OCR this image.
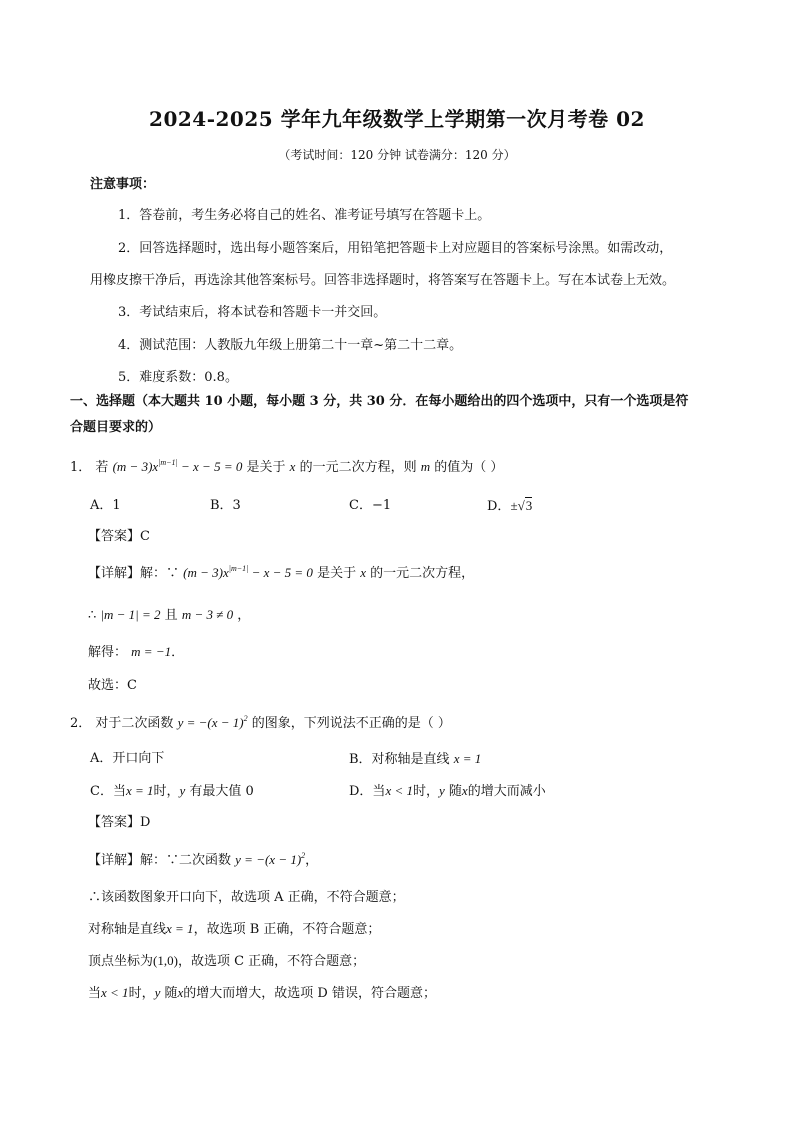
2024-2025 学年九年级数学上学期第一次月考卷 02
（考试时间：120 分钟 试卷满分：120 分）
注意事项：
1．答卷前，考生务必将自己的姓名、准考证号填写在答题卡上。
2．回答选择题时，选出每小题答案后，用铅笔把答题卡上对应题目的答案标号涂黑。如需改动，
用橡皮擦干净后，再选涂其他答案标号。回答非选择题时，将答案写在答题卡上。写在本试卷上无效。
3．考试结束后，将本试卷和答题卡一并交回。
4．测试范围：人教版九年级上册第二十一章~第二十二章。
5．难度系数：0.8。
一、选择题（本大题共 10 小题，每小题 3 分，共 30 分．在每小题给出的四个选项中，只有一个选项是符
合题目要求的）
1． 若 $(m - 3)x^{|m-1|} - x - 5 = 0$ 是关于 x 的一元二次方程，则 m 的值为（ ）
A．1	B．3	C．−1	D．±√3
【答案】C
【详解】解：∵ $(m - 3)x^{|m-1|} - x - 5 = 0$ 是关于 x 的一元二次方程，
∴ |m − 1| = 2 且 m − 3 ≠ 0 ，
解得： m = −1．
故选：C
2． 对于二次函数 $y = -(x - 1)^2$ 的图象，下列说法不正确的是（ ）
A．开口向下	B．对称轴是直线 x = 1
C．当x = 1时，y 有最大值 0	D．当x < 1时，y 随x的增大而减小
【答案】D
【详解】解：∵二次函数 $y = -(x - 1)^2$，
∴该函数图象开口向下，故选项 A 正确，不符合题意；
对称轴是直线x = 1，故选项 B 正确，不符合题意；
顶点坐标为(1,0)，故选项 C 正确，不符合题意；
当x < 1时，y 随x的增大而增大，故选项 D 错误，符合题意；
